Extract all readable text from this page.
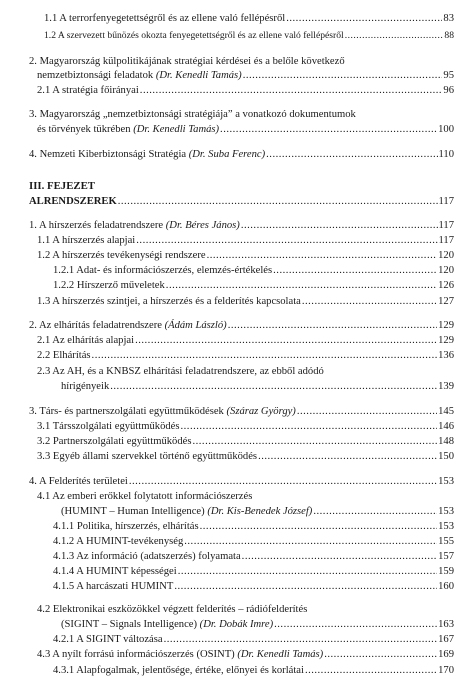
1.1 A terrorfenyegetettségről és az ellene való fellépésről .....	83
1.2 A szervezett bűnözés okozta fenyegetettségről és az ellene való fellépésről .....	88
2. Magyarország külpolitikájának stratégiai kérdései és a belőle következő
nemzetbiztonsági feladatok (Dr. Kenedli Tamás) .....	95
2.1 A stratégia főirányai .....	96
3. Magyarország „nemzetbiztonsági stratégiája” a vonatkozó dokumentumok
és törvények tükrében (Dr. Kenedli Tamás) .....	100
4. Nemzeti Kiberbiztonsági Stratégia (Dr. Suba Ferenc) .....	110
III. FEJEZET
ALRENDSZEREK .....	117
1. A hírszerzés feladatrendszere (Dr. Béres János) .....	117
1.1 A hírszerzés alapjai .....	117
1.2 A hírszerzés tevékenységi rendszere .....	120
1.2.1 Adat- és információszerzés, elemzés-értékelés .....	120
1.2.2 Hírszerző műveletek .....	126
1.3 A hírszerzés szintjei, a hírszerzés és a felderítés kapcsolata .....	127
2. Az elhárítás feladatrendszere (Ádám László) .....	129
2.1 Az elhárítás alapjai .....	129
2.2 Elhárítás .....	136
2.3 Az AH, és a KNBSZ elhárítási feladatrendszere, az ebből adódó
hírigényeik .....	139
3. Társ- és partnerszolgálati együttműködések (Száraz György) .....	145
3.1 Társszolgálati együttműködés .....	146
3.2 Partnerszolgálati együttműködés .....	148
3.3 Egyéb állami szervekkel történő együttműködés .....	150
4. A Felderítés területei .....	153
4.1 Az emberi erőkkel folytatott információszerzés
(HUMINT – Human Intelligence) (Dr. Kis-Benedek József) .....	153
4.1.1 Politika, hírszerzés, elhárítás .....	153
4.1.2 A HUMINT-tevékenység .....	155
4.1.3 Az információ (adatszerzés) folyamata .....	157
4.1.4 A HUMINT képességei .....	159
4.1.5 A harcászati HUMINT .....	160
4.2 Elektronikai eszközökkel végzett felderítés – rádiófelderítés
(SIGINT – Signals Intelligence) (Dr. Dobák Imre) .....	163
4.2.1 A SIGINT változása .....	167
4.3 A nyílt forrású információszerzés (OSINT) (Dr. Kenedli Tamás) .....	169
4.3.1 Alapfogalmak, jelentősége, értéke, előnyei és korlátai .....	170
